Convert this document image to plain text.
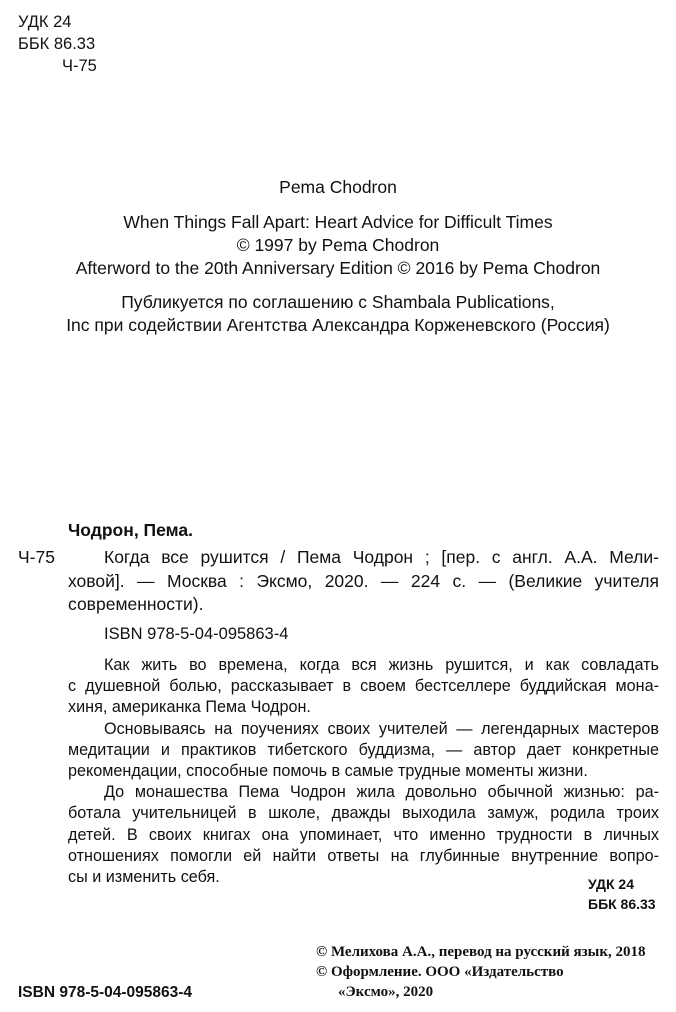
УДК 24
ББК 86.33
Ч-75
Pema Chodron
When Things Fall Apart: Heart Advice for Difficult Times
© 1997 by Pema Chodron
Afterword to the 20th Anniversary Edition © 2016 by Pema Chodron
Публикуется по соглашению с Shambala Publications,
Inc при содействии Агентства Александра Корженевского (Россия)
Чодрон, Пема.
Ч-75	Когда все рушится / Пема Чодрон ; [пер. с англ. А.А. Мели-
ховой]. — Москва : Эксмо, 2020. — 224 с. — (Великие учителя
современности).
ISBN 978-5-04-095863-4
Как жить во времена, когда вся жизнь рушится, и как совладать
с душевной болью, рассказывает в своем бестселлере буддийская мона-
хиня, американка Пема Чодрон.
Основываясь на поучениях своих учителей — легендарных мастеров
медитации и практиков тибетского буддизма, — автор дает конкретные
рекомендации, способные помочь в самые трудные моменты жизни.
До монашества Пема Чодрон жила довольно обычной жизнью: ра-
ботала учительницей в школе, дважды выходила замуж, родила троих
детей. В своих книгах она упоминает, что именно трудности в личных
отношениях помогли ей найти ответы на глубинные внутренние вопро-
сы и изменить себя.	УДК 24
ББК 86.33
ISBN 978-5-04-095863-4
© Мелихова А.А., перевод на русский язык, 2018
© Оформление. ООО «Издательство
«Эксмо», 2020
